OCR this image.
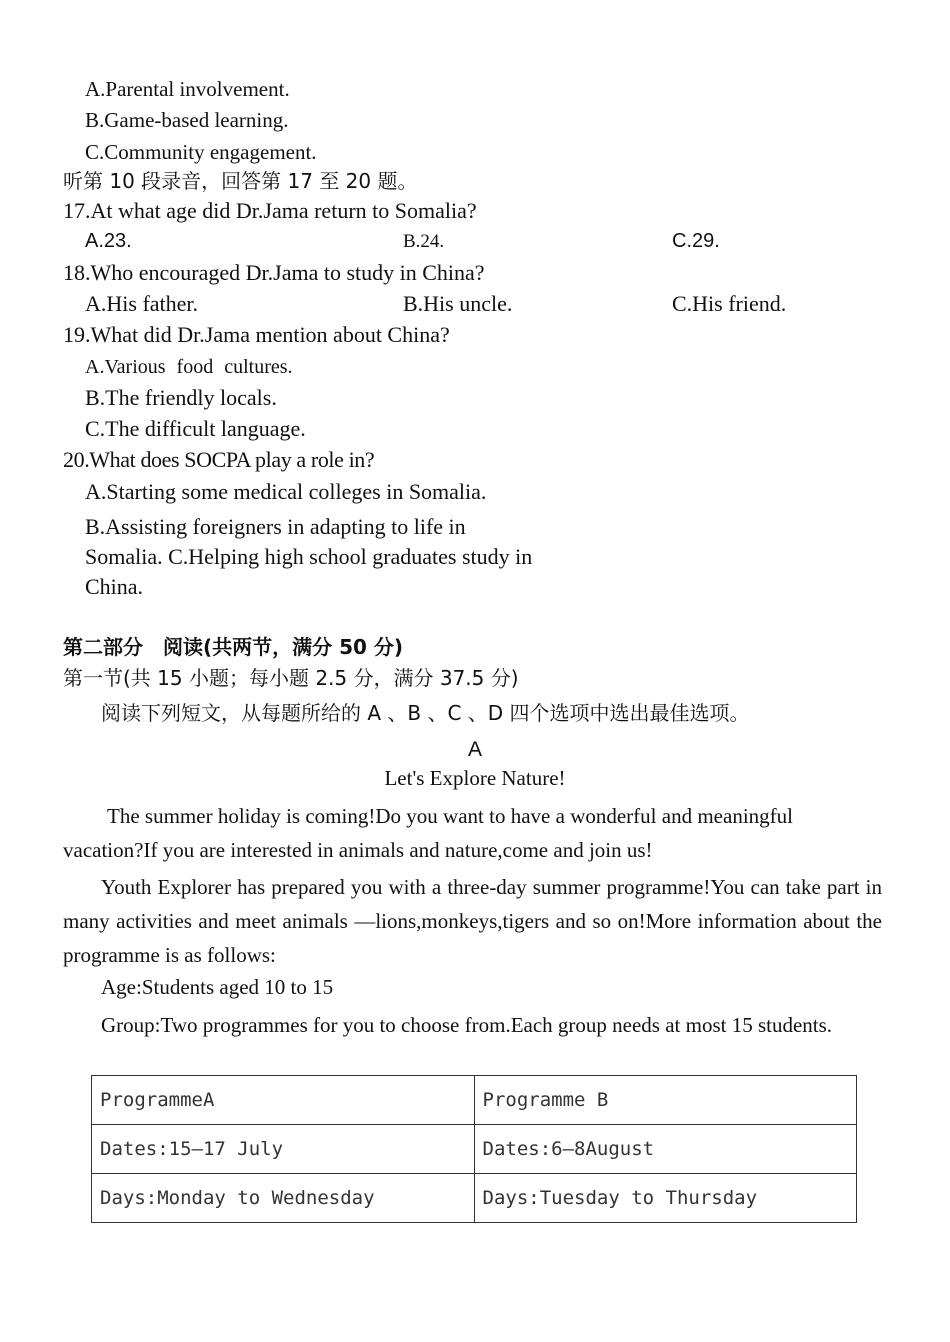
A.Parental involvement.
B.Game-based learning.
C.Community engagement.
听第 10 段录音，回答第 17 至 20 题。
17.At what age did Dr.Jama return to Somalia?
A.23.	B.24.	C.29.
18.Who encouraged Dr.Jama to study in China?
A.His father.	B.His uncle.	C.His friend.
19.What did Dr.Jama mention about China?
A.Various food cultures.
B.The friendly locals.
C.The difficult language.
20.What does SOCPA play a role in?
A.Starting some medical colleges in Somalia.
B.Assisting foreigners in adapting to life in
Somalia. C.Helping high school graduates study in
China.
第二部分　阅读(共两节，满分 50 分)
第一节(共 15 小题；每小题 2.5 分，满分 37.5 分)
阅读下列短文，从每题所给的 A 、B 、C 、D 四个选项中选出最佳选项。
A
Let's Explore Nature!
The summer holiday is coming!Do you want to have a wonderful and meaningful vacation?If you are interested in animals and nature,come and join us!
Youth Explorer has prepared you with a three-day summer programme!You can take part in many activities and meet animals —lions,monkeys,tigers and so on!More information about the programme is as follows:
Age:Students aged 10 to 15
Group:Two programmes for you to choose from.Each group needs at most 15 students.
ProgrammeA	Programme B
Dates:15—17 July	Dates:6—8August
Days:Monday to Wednesday	Days:Tuesday to Thursday
